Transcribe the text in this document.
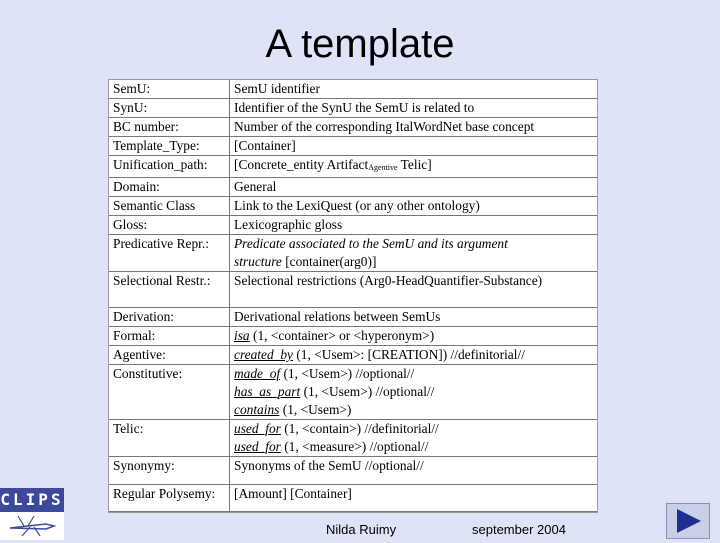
A template
SemU:	SemU identifier
SynU:	Identifier of the SynU the SemU is related to
BC number:	Number of the corresponding ItalWordNet base concept
Template_Type:	[Container]
Unification_path:	[Concrete_entity ArtifactAgentive Telic]
Domain:	General
Semantic Class	Link to the LexiQuest (or any other ontology)
Gloss:	Lexicographic gloss
Predicative Repr.:	Predicate associated to the SemU and its argument
structure [container(arg0)]

Selectional Restr.:	Selectional restrictions (Arg0-HeadQuantifier-Substance)
Derivation:	Derivational relations between SemUs
Formal:	isa (1, <container> or <hyperonym>)
Agentive:	created_by (1, <Usem>: [CREATION]) //definitorial//
Constitutive:	made_of (1, <Usem>) //optional//
has_as_part (1, <Usem>) //optional//
contains (1, <Usem>)

Telic:	used_for (1, <contain>) //definitorial//
used_for (1, <measure>) //optional//

Synonymy:	Synonyms of the SemU //optional//
Regular Polysemy:	[Amount] [Container]
CLIPS
Nilda Ruimy	september 2004
